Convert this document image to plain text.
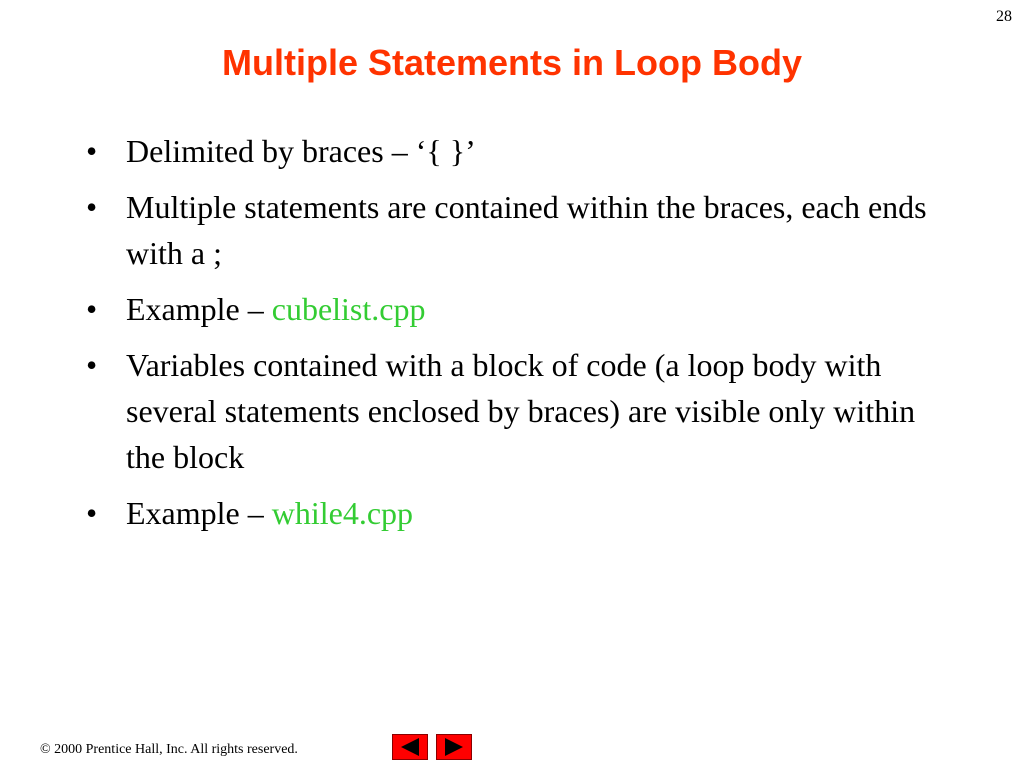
28
Multiple Statements in Loop Body
• Delimited by braces – ‘{ }’
• Multiple statements are contained within the braces, each ends with a ;
• Example – cubelist.cpp
• Variables contained with a block of code (a loop body with several statements enclosed by braces) are visible only within the block
• Example – while4.cpp
© 2000 Prentice Hall, Inc. All rights reserved.
